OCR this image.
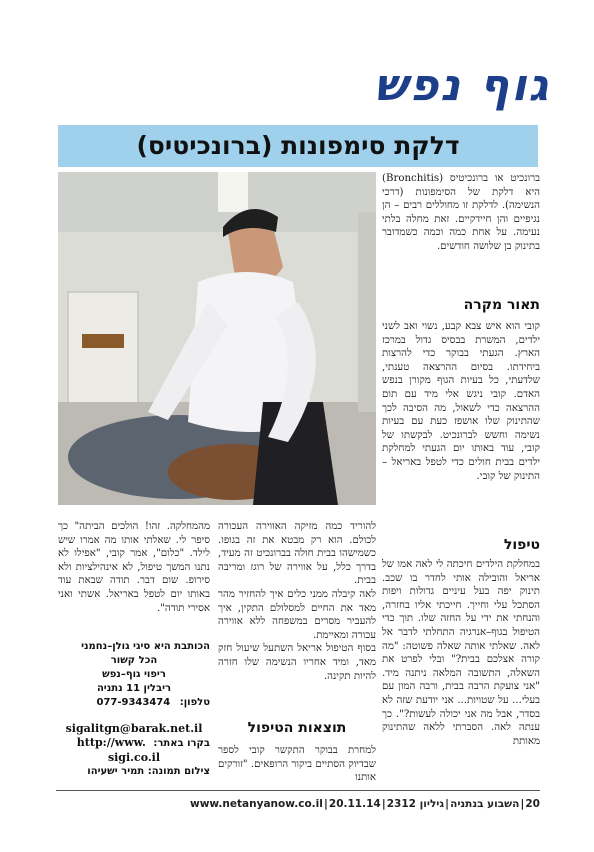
גוף נפש
דלקת סימפונות (ברונכיטיס)

ברונכיט או ברונכיטיס (Bronchitis) היא דלקת של הסימפונות (דרכי הנשימה). לדלקת זו מחוללים רבים – הן נגיפיים והן חיידקיים. זאת מחלה בלתי נעימה. על אחת כמה וכמה כשמדובר בתינוק בן שלושה חודשים.

תאור מקרה

קובי הוא איש צבא קבע, נשוי ואב לשני ילדים, המשרת בבסיס גדול במרכז הארץ. הגעתי בבוקר כדי להרצות ביחידתו. בסיום ההרצאה טענתי, שלדעתי, כל בעיות הגוף מקורן בנפש האדם. קובי ניגש אלי מיד עם תום ההרצאה כדי לשאול, מה הסיבה לכך שהתינוק שלו אושפז כעת עם בעיות נשימה וחשש לברונכיט. לבקשתו של קובי, עוד באותו יום הגעתי למחלקת ילדים בבית חולים כדי לטפל באריאל – התינוק של קובי.

טיפול

במחלקת הילדים חיכתה לי לאה אמו של אריאל והובילה אותי לחדר בו שכב. תינוק יפה בעל עיניים גדולות ויפות הסתכל עלי וחייך. חייכתי אליו בחזרה, והנחתי את ידי על החזה שלו. תוך כדי הטיפול בגוף–אנרגיה התחלתי לדבר אל לאה. שאלתי אותה שאלה פשוטה: "מה קורה אצלכם בבית?" ובלי לפרט את השאלה, התשובה המלאה ניתנה מיד. "אני צועקת הרבה בבית, ורבה המון עם בעלי... על שטויות... אני יודעת שזה לא בסדר, אבל מה אני יכולה לעשות?". כך ענתה לאה. הסברתי ללאה שהתינוק מאותת

להוריד כמה מזיקה האווירה העכורה לכולם. הוא רק מבטא את זה בגופו. כשמישהו בבית חולה בברונכיט זה מעיד, בדרך כלל, על אווירה של רוגז ומריבה בבית.

לאה קיבלה ממני כלים איך להחזיר מהר מאד את החיים למסלולם התקין, איך להעביר מסרים במשפחה ללא אווירה עכורה ומאיימת.

בסוף הטיפול אריאל השתעל שיעול חזק מאד, ומיד אחריו הנשימה שלו חזרה להיות תקינה.

תוצאות הטיפול

למחרת בבוקר התקשר קובי לספר שבדיוק הסתיים ביקור הרופאים. "זורקים אותנו

מהמחלקה. זהו! הולכים הביתה" כך סיפר לי. שאלתי אותו מה אמרו שיש לילד. "כלום", אמר קובי, "אפילו לא נתנו המשך טיפול, לא אינהילציות ולא סירופ. שום דבר. תודה שבאת עוד באותו יום לטפל באריאל. אשתי ואני אסירי תודה".

הכותבת היא סיגי גולן–נחמני
הכל קשור
ריפוי גוף–נפש
ריבלין 11 נתניה
טלפון: 077-9343474
sigalitgn@barak.net.il
בקרו באתר: http://www.
sigi.co.il
צילום תמונה: תמיר ישעיהו
www.netanyanow.co.il | 20.11.14 | גיליון 2312 | השבוע בנתניה | 20
